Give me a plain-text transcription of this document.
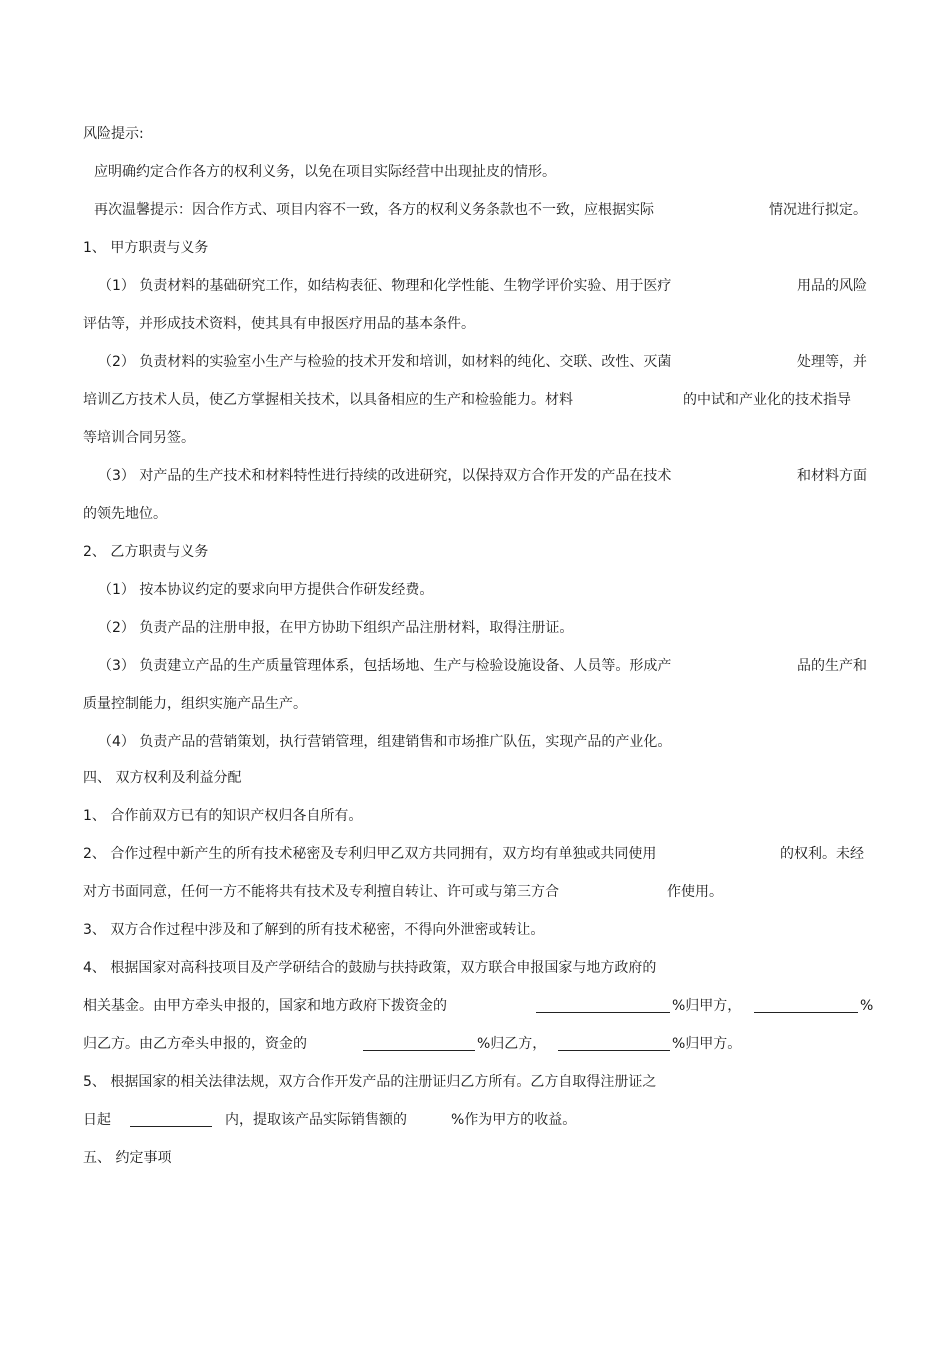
风险提示:
应明确约定合作各方的权利义务，以免在项目实际经营中出现扯皮的情形。
再次温馨提示：因合作方式、项目内容不一致，各方的权利义务条款也不一致，应根据实际	情况进行拟定。
1、 甲方职责与义务
（1） 负责材料的基础研究工作，如结构表征、物理和化学性能、生物学评价实验、用于医疗	用品的风险
评估等，并形成技术资料，使其具有申报医疗用品的基本条件。
（2） 负责材料的实验室小生产与检验的技术开发和培训，如材料的纯化、交联、改性、灭菌	处理等，并
培训乙方技术人员，使乙方掌握相关技术，以具备相应的生产和检验能力。材料	的中试和产业化的技术指导
等培训合同另签。
（3） 对产品的生产技术和材料特性进行持续的改进研究，以保持双方合作开发的产品在技术	和材料方面
的领先地位。
2、 乙方职责与义务
（1） 按本协议约定的要求向甲方提供合作研发经费。
（2） 负责产品的注册申报，在甲方协助下组织产品注册材料，取得注册证。
（3） 负责建立产品的生产质量管理体系，包括场地、生产与检验设施设备、人员等。形成产	品的生产和
质量控制能力，组织实施产品生产。
（4） 负责产品的营销策划，执行营销管理，组建销售和市场推广队伍，实现产品的产业化。
四、 双方权利及利益分配
1、 合作前双方已有的知识产权归各自所有。
2、 合作过程中新产生的所有技术秘密及专利归甲乙双方共同拥有，双方均有单独或共同使用	的权利。未经
对方书面同意，任何一方不能将共有技术及专利擅自转让、许可或与第三方合	作使用。
3、 双方合作过程中涉及和了解到的所有技术秘密，不得向外泄密或转让。
4、 根据国家对高科技项目及产学研结合的鼓励与扶持政策，双方联合申报国家与地方政府的
相关基金。由甲方牵头申报的，国家和地方政府下拨资金的	%归甲方，	%
归乙方。由乙方牵头申报的，资金的	%归乙方，	%归甲方。
5、 根据国家的相关法律法规，双方合作开发产品的注册证归乙方所有。乙方自取得注册证之
日起	内，提取该产品实际销售额的	%作为甲方的收益。
五、 约定事项
